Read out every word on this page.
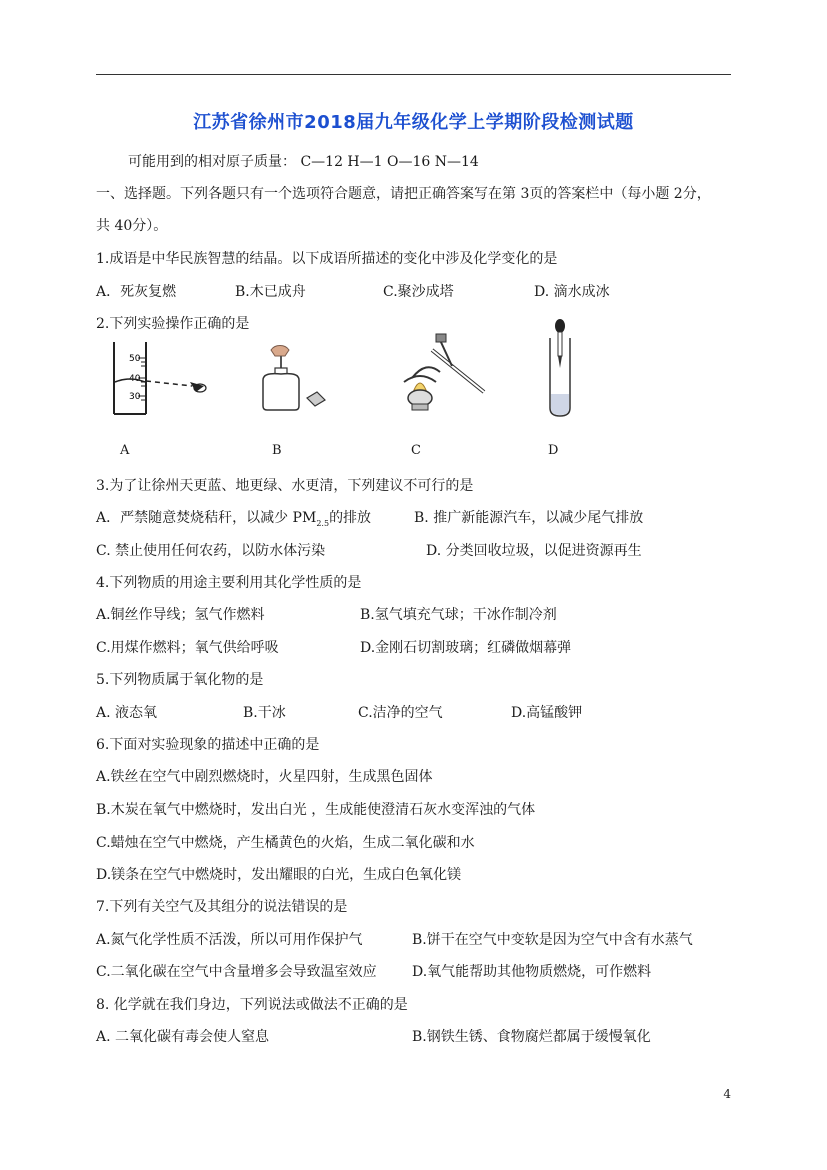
江苏省徐州市2018届九年级化学上学期阶段检测试题
可能用到的相对原子质量： C—12 H—1 O—16 N—14
一、选择题。下列各题只有一个选项符合题意，请把正确答案写在第 3页的答案栏中（每小题 2分，
共 40分）。
1.成语是中华民族智慧的结晶。以下成语所描述的变化中涉及化学变化的是
A．死灰复燃	B.木已成舟	C.聚沙成塔	D. 滴水成冰
2.下列实验操作正确的是
50
40
30
A	B	C	D
3.为了让徐州天更蓝、地更绿、水更清，下列建议不可行的是
A．严禁随意焚烧秸秆，以减少 $PM_{2.5}$的排放	B. 推广新能源汽车，以减少尾气排放
C. 禁止使用任何农药，以防水体污染	D. 分类回收垃圾，以促进资源再生
4.下列物质的用途主要利用其化学性质的是
A.铜丝作导线；氢气作燃料	B.氢气填充气球；干冰作制冷剂
C.用煤作燃料；氧气供给呼吸	D.金刚石切割玻璃；红磷做烟幕弹
5.下列物质属于氧化物的是
A. 液态氧	B.干冰	C.洁净的空气	D.高锰酸钾
6.下面对实验现象的描述中正确的是
A.铁丝在空气中剧烈燃烧时，火星四射，生成黑色固体
B.木炭在氧气中燃烧时，发出白光 ，生成能使澄清石灰水变浑浊的气体
C.蜡烛在空气中燃烧，产生橘黄色的火焰，生成二氧化碳和水
D.镁条在空气中燃烧时，发出耀眼的白光，生成白色氧化镁
7.下列有关空气及其组分的说法错误的是
A.氮气化学性质不活泼，所以可用作保护气	B.饼干在空气中变软是因为空气中含有水蒸气
C.二氧化碳在空气中含量增多会导致温室效应	D.氧气能帮助其他物质燃烧，可作燃料
8. 化学就在我们身边，下列说法或做法不正确的是
A. 二氧化碳有毒会使人窒息	B.钢铁生锈、食物腐烂都属于缓慢氧化
4
